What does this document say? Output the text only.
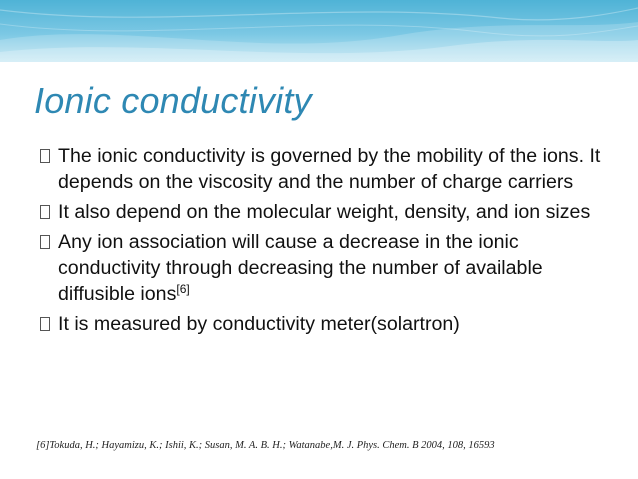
Ionic conductivity
The ionic conductivity is governed by the mobility of the ions. It depends on the viscosity and the number of charge carriers
It also depend on the molecular weight, density, and ion sizes
Any ion association will cause a decrease in the ionic conductivity through decreasing the number of available diffusible ions[6]
It is measured by conductivity meter(solartron)
[6]Tokuda, H.; Hayamizu, K.; Ishii, K.; Susan, M. A. B. H.; Watanabe,M. J. Phys. Chem. B 2004, 108, 16593
